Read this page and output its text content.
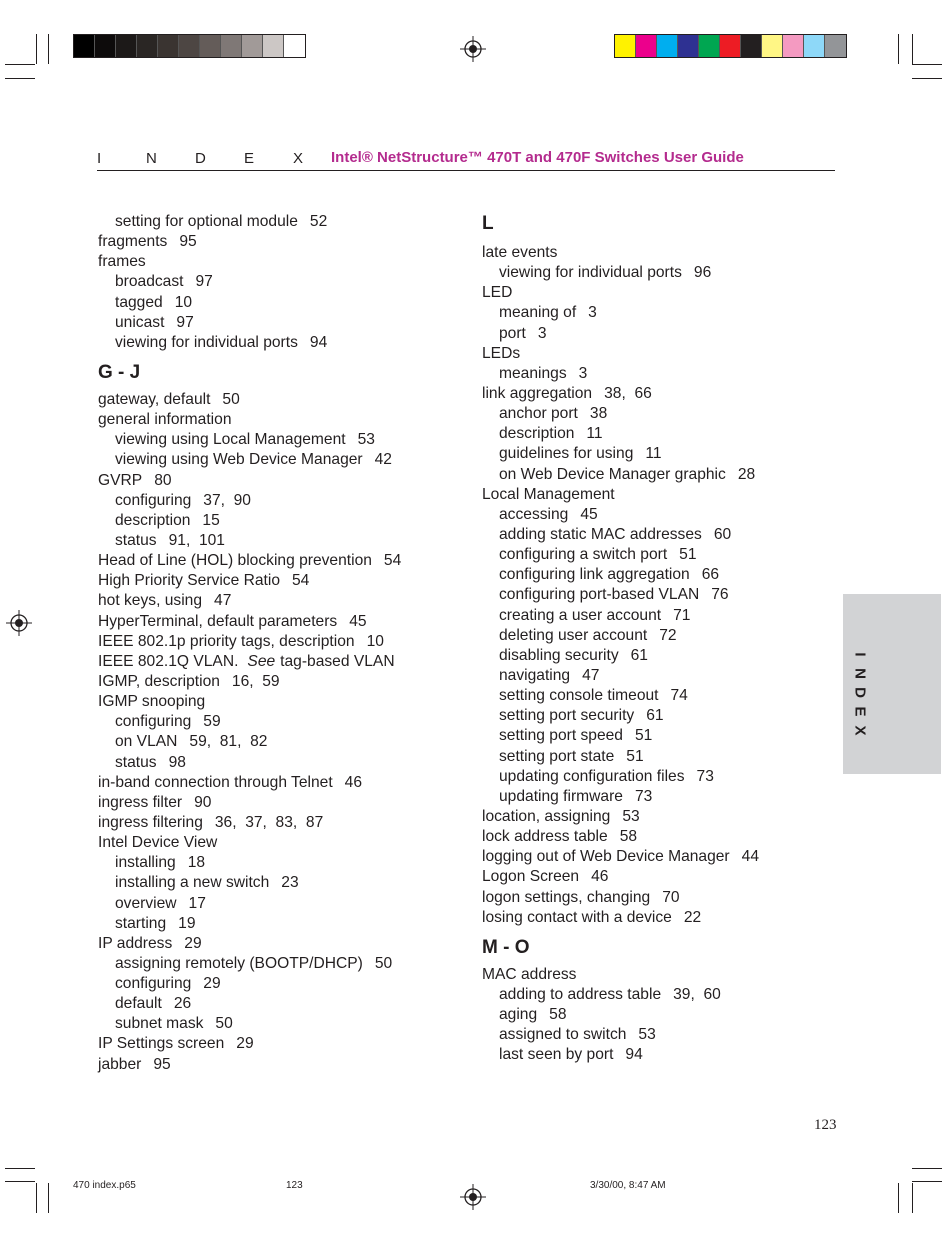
I	N	D	E	X	Intel® NetStructure™ 470T and 470F Switches User Guide
setting for optional module 52
fragments 95
frames
broadcast 97
tagged 10
unicast 97
viewing for individual ports 94
G - J
gateway, default 50
general information
viewing using Local Management 53
viewing using Web Device Manager 42
GVRP 80
configuring 37,  90
description 15
status 91,  101
Head of Line (HOL) blocking prevention 54
High Priority Service Ratio 54
hot keys, using 47
HyperTerminal, default parameters 45
IEEE 802.1p priority tags, description 10
IEEE 802.1Q VLAN. See tag-based VLAN
IGMP, description 16,  59
IGMP snooping
configuring 59
on VLAN 59,  81,  82
status 98
in-band connection through Telnet 46
ingress filter 90
ingress filtering 36,  37,  83,  87
Intel Device View
installing 18
installing a new switch 23
overview 17
starting 19
IP address 29
assigning remotely (BOOTP/DHCP) 50
configuring 29
default 26
subnet mask 50
IP Settings screen 29
jabber 95
L
late events
viewing for individual ports 96
LED
meaning of 3
port 3
LEDs
meanings 3
link aggregation 38,  66
anchor port 38
description 11
guidelines for using 11
on Web Device Manager graphic 28
Local Management
accessing 45
adding static MAC addresses 60
configuring a switch port 51
configuring link aggregation 66
configuring port-based VLAN 76
creating a user account 71
deleting user account 72
disabling security 61
navigating 47
setting console timeout 74
setting port security 61
setting port speed 51
setting port state 51
updating configuration files 73
updating firmware 73
location, assigning 53
lock address table 58
logging out of Web Device Manager 44
Logon Screen 46
logon settings, changing 70
losing contact with a device 22
M - O
MAC address
adding to address table 39,  60
aging 58
assigned to switch 53
last seen by port 94
I
N
D
E
X
123
470 index.p65	123	3/30/00, 8:47 AM
